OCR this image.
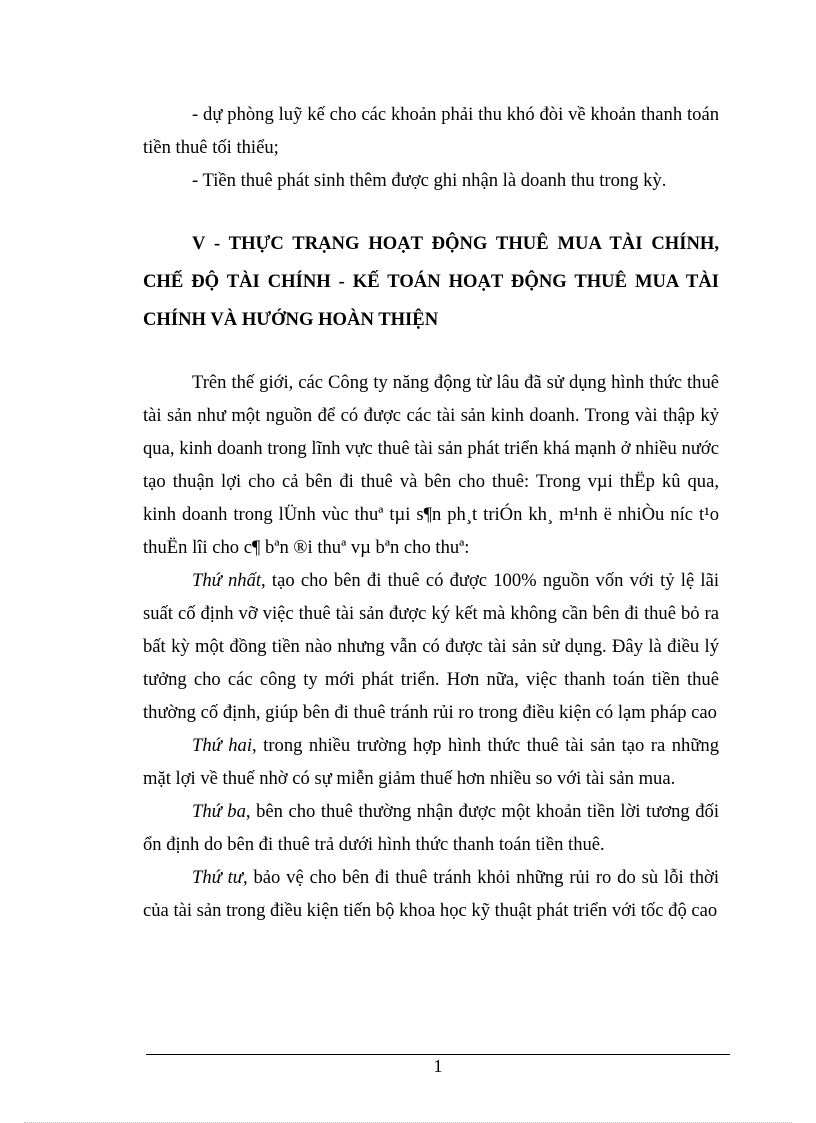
- dự phòng luỹ kế cho các khoản phải thu khó đòi về khoản thanh toán tiền thuê tối thiểu;

- Tiền thuê phát sinh thêm được ghi nhận là doanh thu trong kỳ.

V - THỰC TRẠNG HOẠT ĐỘNG THUÊ MUA TÀI CHÍNH, CHẾ ĐỘ TÀI CHÍNH - KẾ TOÁN HOẠT ĐỘNG THUÊ MUA TÀI CHÍNH VÀ HƯỚNG HOÀN THIỆN

Trên thế giới, các Công ty năng động từ lâu đã sử dụng hình thức thuê tài sản như một nguồn để có được các tài sản kinh doanh. Trong vài thập kỷ qua, kinh doanh trong lĩnh vực thuê tài sản phát triển khá mạnh ở nhiều nước tạo thuận lợi cho cả bên đi thuê và bên cho thuê: Trong vµi thËp kû qua, kinh doanh trong lÜnh vùc thuª tµi s¶n ph¸t triÓn kh¸ m¹nh ë nhiÒu níc t¹o thuËn lîi cho c¶ bªn ®i thuª vµ bªn cho thuª:

Thứ nhất, tạo cho bên đi thuê có được 100% nguồn vốn với tỷ lệ lãi suất cố định vỡ việc thuê tài sản được ký kết mà không cần bên đi thuê bỏ ra bất kỳ một đồng tiền nào nhưng vẫn có được tài sản sử dụng. Đây là điều lý tưởng cho các công ty mới phát triển. Hơn nữa, việc thanh toán tiền thuê thường cố định, giúp bên đi thuê tránh rủi ro trong điều kiện có lạm pháp cao

Thứ hai, trong nhiều trường hợp hình thức thuê tài sản tạo ra những mặt lợi về thuế nhờ có sự miễn giảm thuế hơn nhiều so với tài sản mua.

Thứ ba, bên cho thuê thường nhận được một khoản tiền lời tương đối ổn định do bên đi thuê trả dưới hình thức thanh toán tiền thuê.

Thứ tư, bảo vệ cho bên đi thuê tránh khỏi những rủi ro do sù lỗi thời của tài sản trong điều kiện tiến bộ khoa học kỹ thuật phát triển với tốc độ cao

1
